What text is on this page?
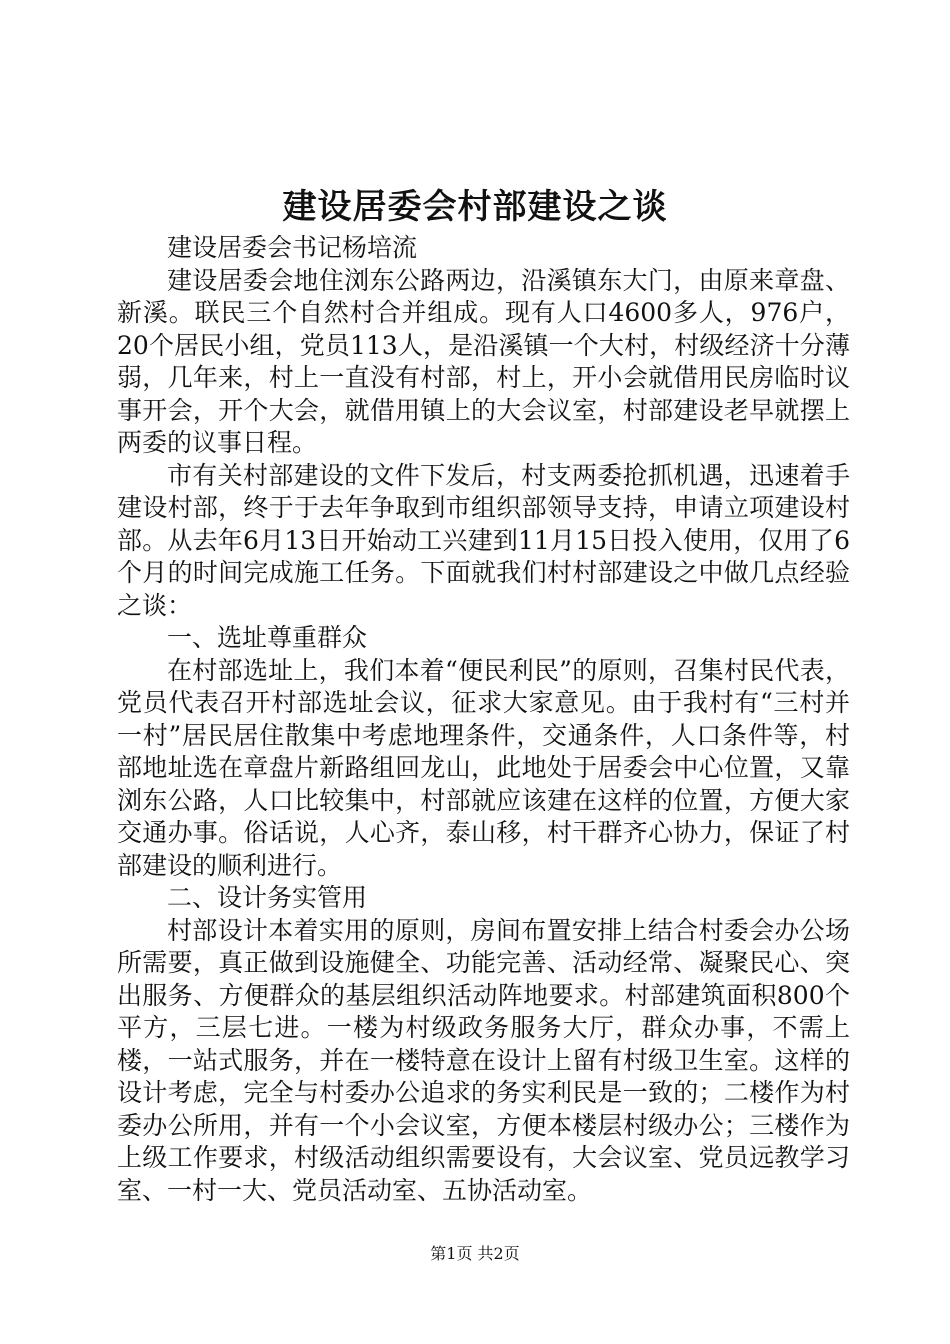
建设居委会村部建设之谈

建设居委会书记杨培流

建设居委会地住浏东公路两边，沿溪镇东大门，由原来章盘、新溪。联民三个自然村合并组成。现有人口4600多人，976户，20个居民小组，党员113人，是沿溪镇一个大村，村级经济十分薄弱，几年来，村上一直没有村部，村上，开小会就借用民房临时议事开会，开个大会，就借用镇上的大会议室，村部建设老早就摆上两委的议事日程。

市有关村部建设的文件下发后，村支两委抢抓机遇，迅速着手建设村部，终于于去年争取到市组织部领导支持，申请立项建设村部。从去年6月13日开始动工兴建到11月15日投入使用，仅用了6个月的时间完成施工任务。下面就我们村村部建设之中做几点经验之谈：

一、选址尊重群众

在村部选址上，我们本着“便民利民”的原则，召集村民代表，党员代表召开村部选址会议，征求大家意见。由于我村有“三村并一村”居民居住散集中考虑地理条件，交通条件，人口条件等，村部地址选在章盘片新路组回龙山，此地处于居委会中心位置，又靠浏东公路，人口比较集中，村部就应该建在这样的位置，方便大家交通办事。俗话说，人心齐，泰山移，村干群齐心协力，保证了村部建设的顺利进行。

二、设计务实管用

村部设计本着实用的原则，房间布置安排上结合村委会办公场所需要，真正做到设施健全、功能完善、活动经常、凝聚民心、突出服务、方便群众的基层组织活动阵地要求。村部建筑面积800个平方，三层七进。一楼为村级政务服务大厅，群众办事，不需上楼，一站式服务，并在一楼特意在设计上留有村级卫生室。这样的设计考虑，完全与村委办公追求的务实利民是一致的；二楼作为村委办公所用，并有一个小会议室，方便本楼层村级办公；三楼作为上级工作要求，村级活动组织需要设有，大会议室、党员远教学习室、一村一大、党员活动室、五协活动室。

第1页 共2页
